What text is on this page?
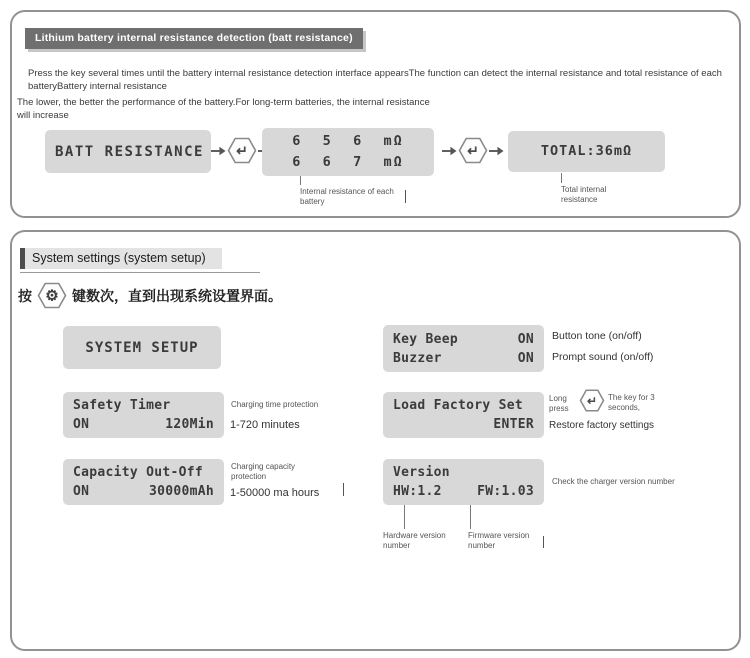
Lithium battery internal resistance detection (batt resistance)
Press the key several times until the battery internal resistance detection interface appearsThe function can detect the internal resistance and total resistance of each batteryBattery internal resistance
The lower, the better the performance of the battery.For long-term batteries, the internal resistance will increase
BATT RESISTANCE ↵
6  5  6  mΩ
6  6  7  mΩ
↵	TOTAL:36mΩ
Internal resistance of each battery
Total internal resistance
System settings (system setup)
按 ⚙ 键数次，直到出现系统设置界面。
SYSTEM SETUP
Key Beep	ON
Buzzer	ON
Button tone (on/off)
Prompt sound (on/off)
Safety Timer
ON	120Min
Charging time protection
1-720 minutes
Load Factory Set
ENTER
Long press
↵ The key for 3 seconds,
Restore factory settings
Capacity Out-Off
ON	30000mAh
Charging capacity protection
1-50000 ma hours
Version
HW:1.2	FW:1.03
Check the charger version number
Hardware version number
Firmware version number
